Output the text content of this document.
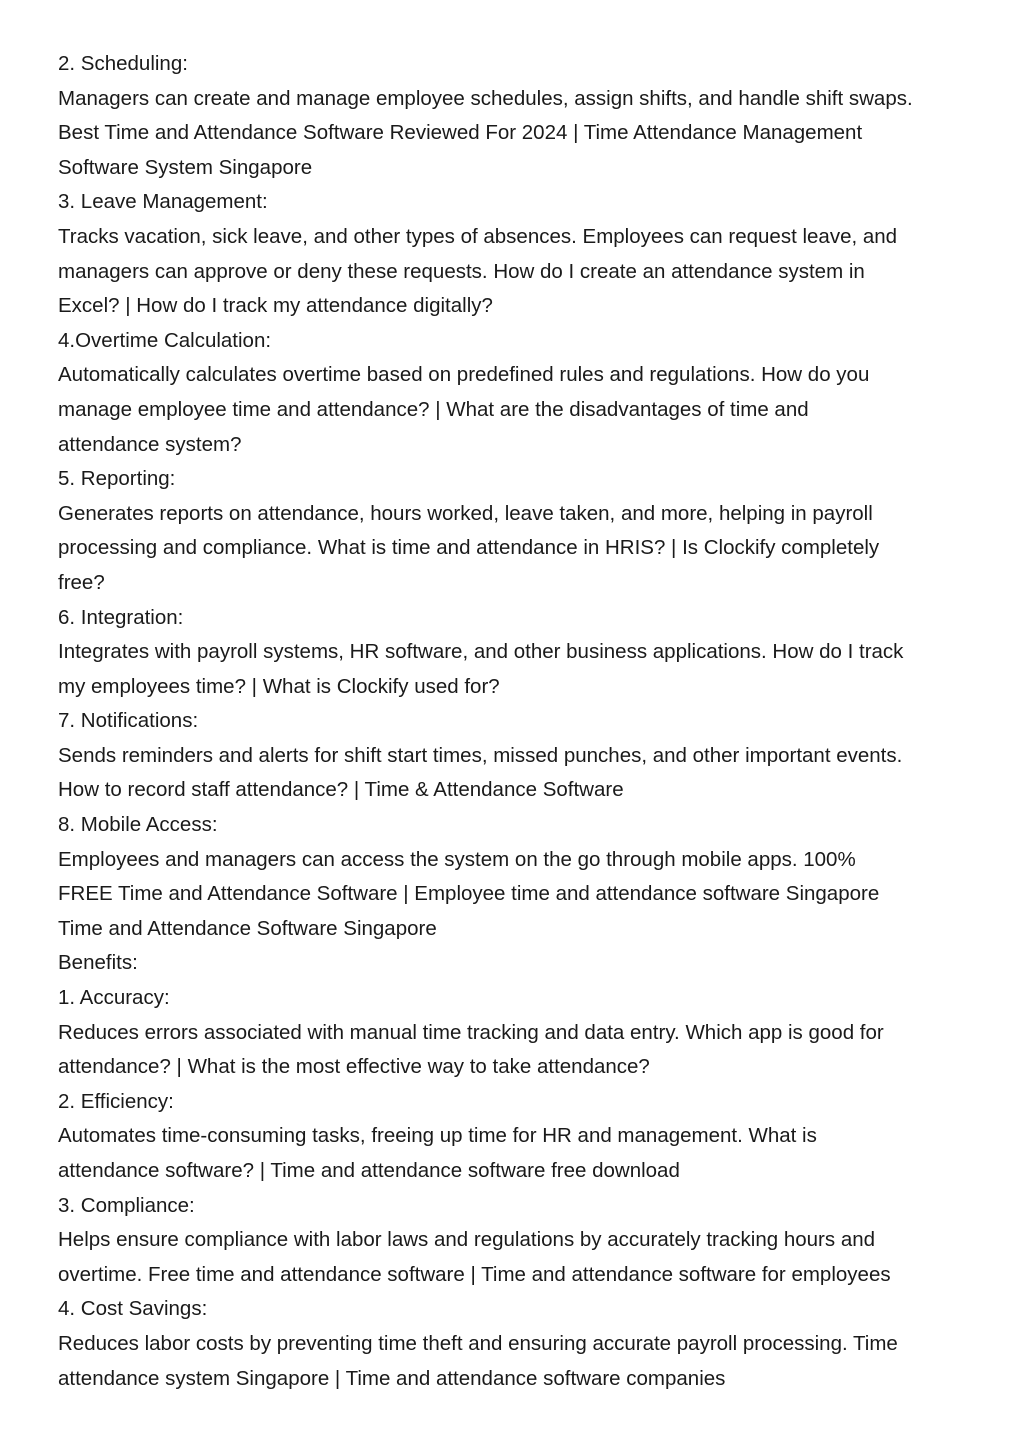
2. Scheduling:
Managers can create and manage employee schedules, assign shifts, and handle shift swaps.
Best Time and Attendance Software Reviewed For 2024 | Time Attendance Management
Software System Singapore
3. Leave Management:
Tracks vacation, sick leave, and other types of absences. Employees can request leave, and
managers can approve or deny these requests. How do I create an attendance system in
Excel? | How do I track my attendance digitally?
4.Overtime Calculation:
Automatically calculates overtime based on predefined rules and regulations. How do you
manage employee time and attendance? | What are the disadvantages of time and
attendance system?
5. Reporting:
Generates reports on attendance, hours worked, leave taken, and more, helping in payroll
processing and compliance. What is time and attendance in HRIS? | Is Clockify completely
free?
6. Integration:
Integrates with payroll systems, HR software, and other business applications. How do I track
my employees time? | What is Clockify used for?
7. Notifications:
Sends reminders and alerts for shift start times, missed punches, and other important events.
How to record staff attendance? | Time & Attendance Software
8. Mobile Access:
Employees and managers can access the system on the go through mobile apps. 100%
FREE Time and Attendance Software | Employee time and attendance software Singapore
Time and Attendance Software Singapore
Benefits:
1. Accuracy:
Reduces errors associated with manual time tracking and data entry. Which app is good for
attendance? | What is the most effective way to take attendance?
2. Efficiency:
Automates time-consuming tasks, freeing up time for HR and management. What is
attendance software? | Time and attendance software free download
3. Compliance:
Helps ensure compliance with labor laws and regulations by accurately tracking hours and
overtime. Free time and attendance software | Time and attendance software for employees
4. Cost Savings:
Reduces labor costs by preventing time theft and ensuring accurate payroll processing. Time
attendance system Singapore | Time and attendance software companies
